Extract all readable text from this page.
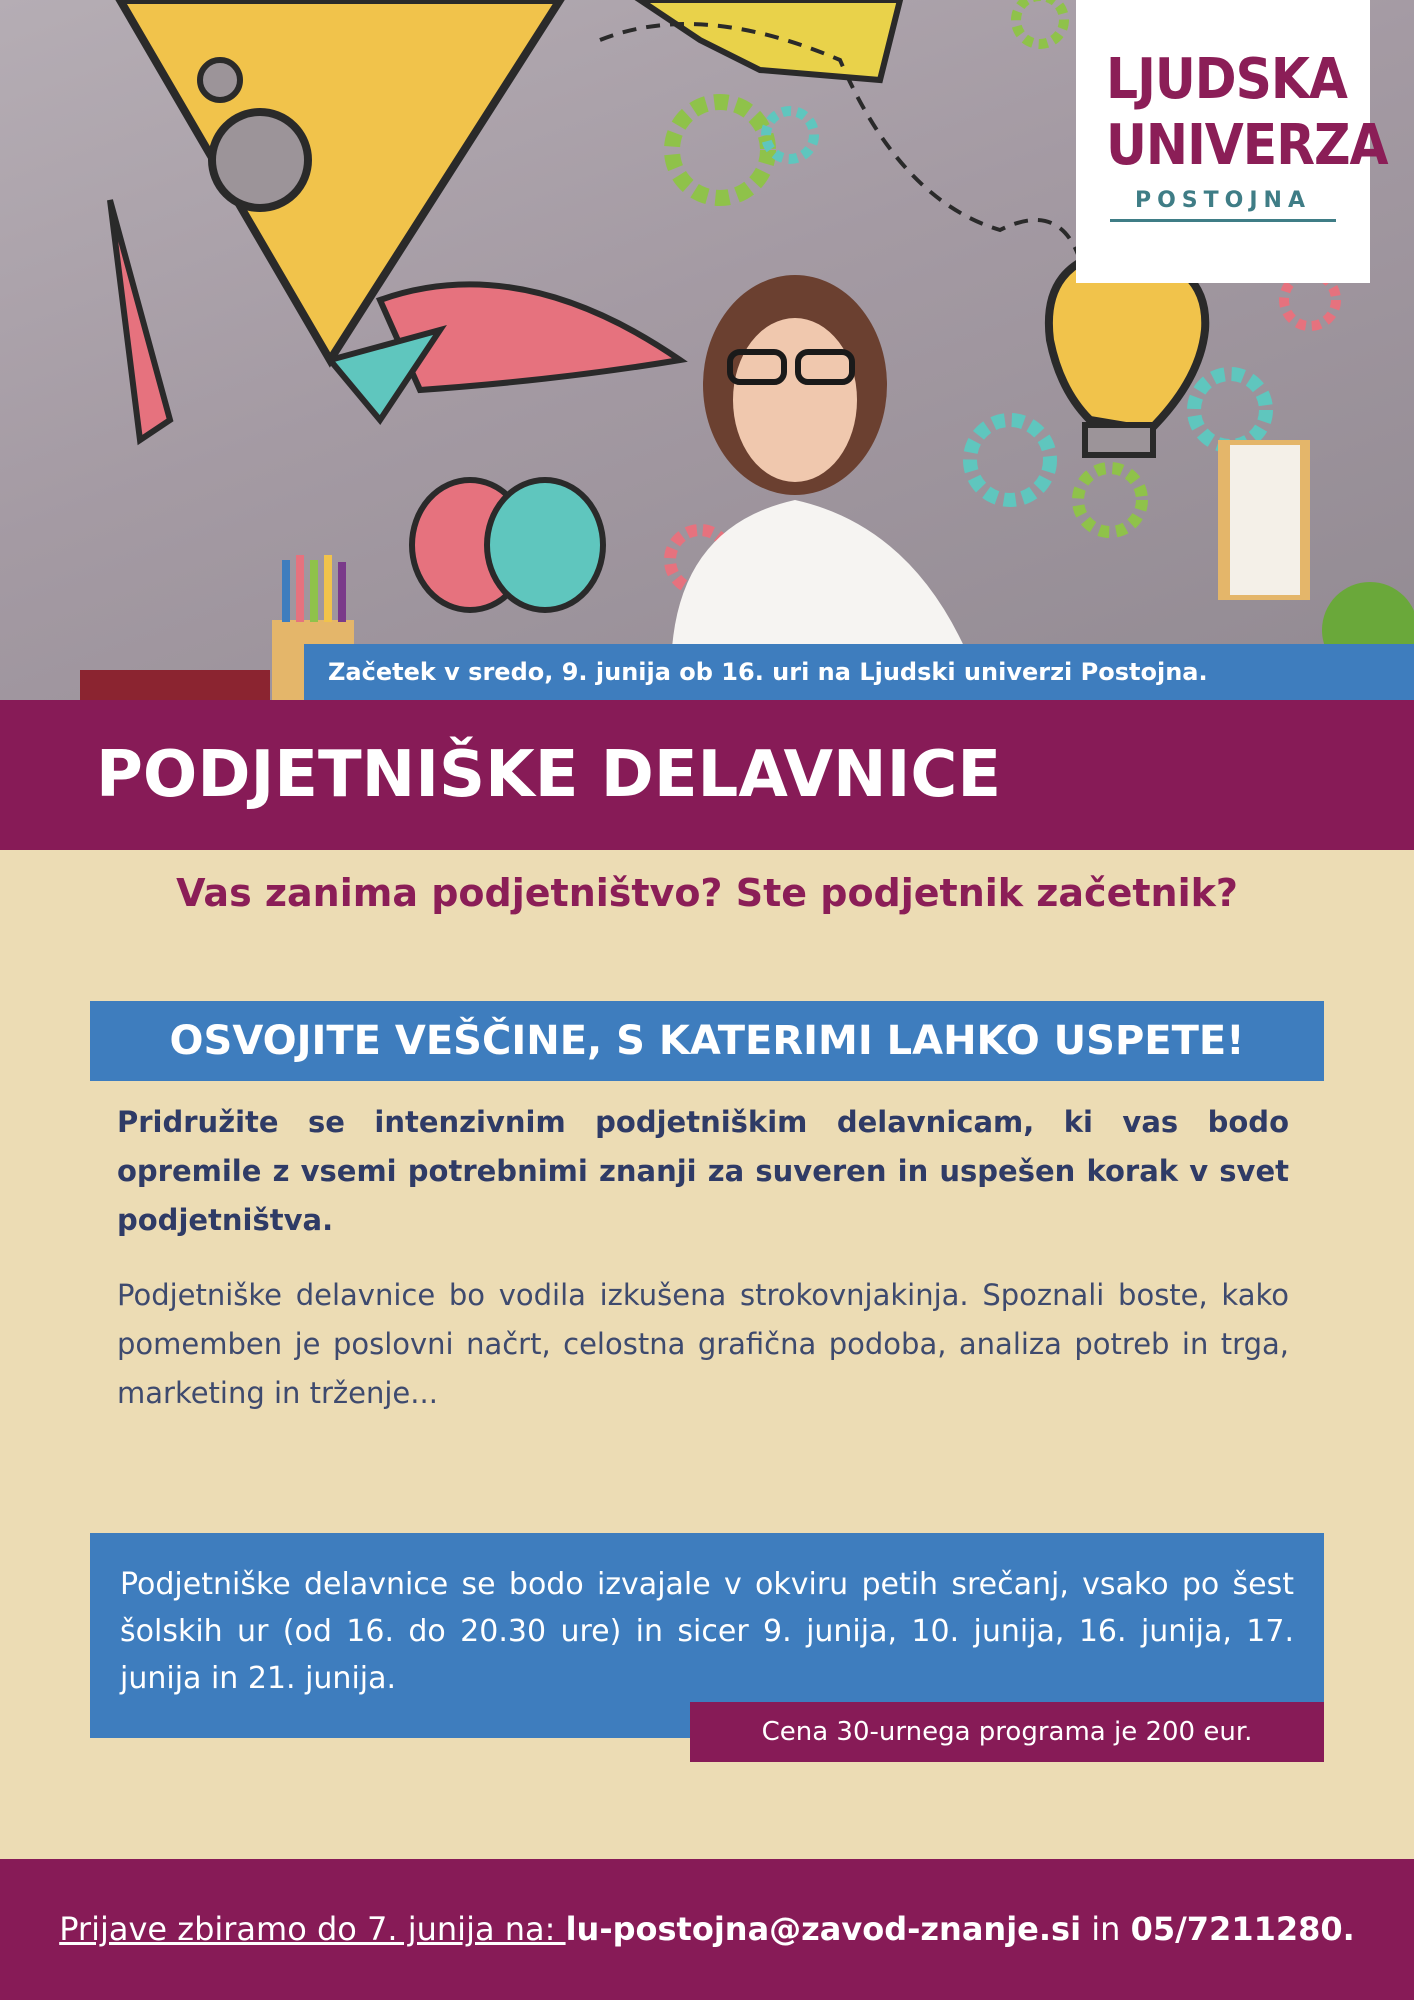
LJUDSKA
UNIVERZA
POSTOJNA
Začetek v sredo, 9. junija ob 16. uri na Ljudski univerzi Postojna.
PODJETNIŠKE DELAVNICE
Vas zanima podjetništvo? Ste podjetnik začetnik?
OSVOJITE VEŠČINE, S KATERIMI LAHKO USPETE!

Pridružite se intenzivnim podjetniškim delavnicam, ki vas bodo opremile z vsemi potrebnimi znanji za suveren in uspešen korak v svet podjetništva.

Podjetniške delavnice bo vodila izkušena strokovnjakinja. Spoznali boste, kako pomemben je poslovni načrt, celostna grafična podoba, analiza potreb in trga, marketing in trženje...

Podjetniške delavnice se bodo izvajale v okviru petih srečanj, vsako po šest šolskih ur (od 16. do 20.30 ure) in sicer 9. junija, 10. junija, 16. junija, 17. junija in 21. junija.
Cena 30-urnega programa je 200 eur.
Prijave zbiramo do 7. junija na: lu-postojna@zavod-znanje.si in 05/7211280.
